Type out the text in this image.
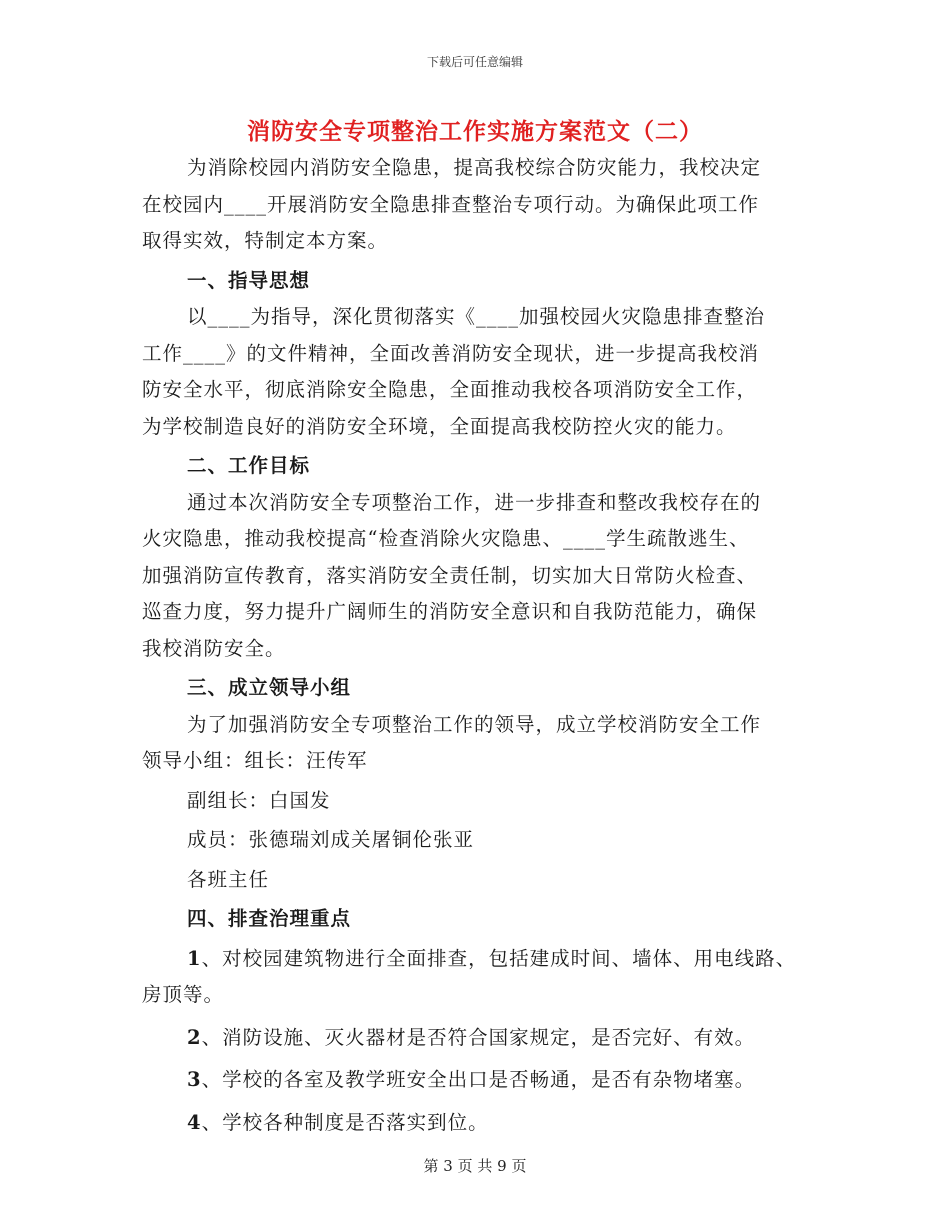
下载后可任意编辑
消防安全专项整治工作实施方案范文（二）
为消除校园内消防安全隐患，提高我校综合防灾能力，我校决定
在校园内____开展消防安全隐患排查整治专项行动。为确保此项工作
取得实效，特制定本方案。
一、指导思想
以____为指导，深化贯彻落实《____加强校园火灾隐患排查整治
工作____》的文件精神，全面改善消防安全现状，进一步提高我校消
防安全水平，彻底消除安全隐患，全面推动我校各项消防安全工作，
为学校制造良好的消防安全环境，全面提高我校防控火灾的能力。
二、工作目标
通过本次消防安全专项整治工作，进一步排查和整改我校存在的
火灾隐患，推动我校提高“检查消除火灾隐患、____学生疏散逃生、
加强消防宣传教育，落实消防安全责任制，切实加大日常防火检查、
巡查力度，努力提升广阔师生的消防安全意识和自我防范能力，确保
我校消防安全。
三、成立领导小组
为了加强消防安全专项整治工作的领导，成立学校消防安全工作
领导小组：组长：汪传军
副组长：白国发
成员：张德瑞刘成关屠铜伦张亚
各班主任
四、排查治理重点
1、对校园建筑物进行全面排查，包括建成时间、墙体、用电线路、
房顶等。
2、消防设施、灭火器材是否符合国家规定，是否完好、有效。
3、学校的各室及教学班安全出口是否畅通，是否有杂物堵塞。
4、学校各种制度是否落实到位。
第 3 页 共 9 页
